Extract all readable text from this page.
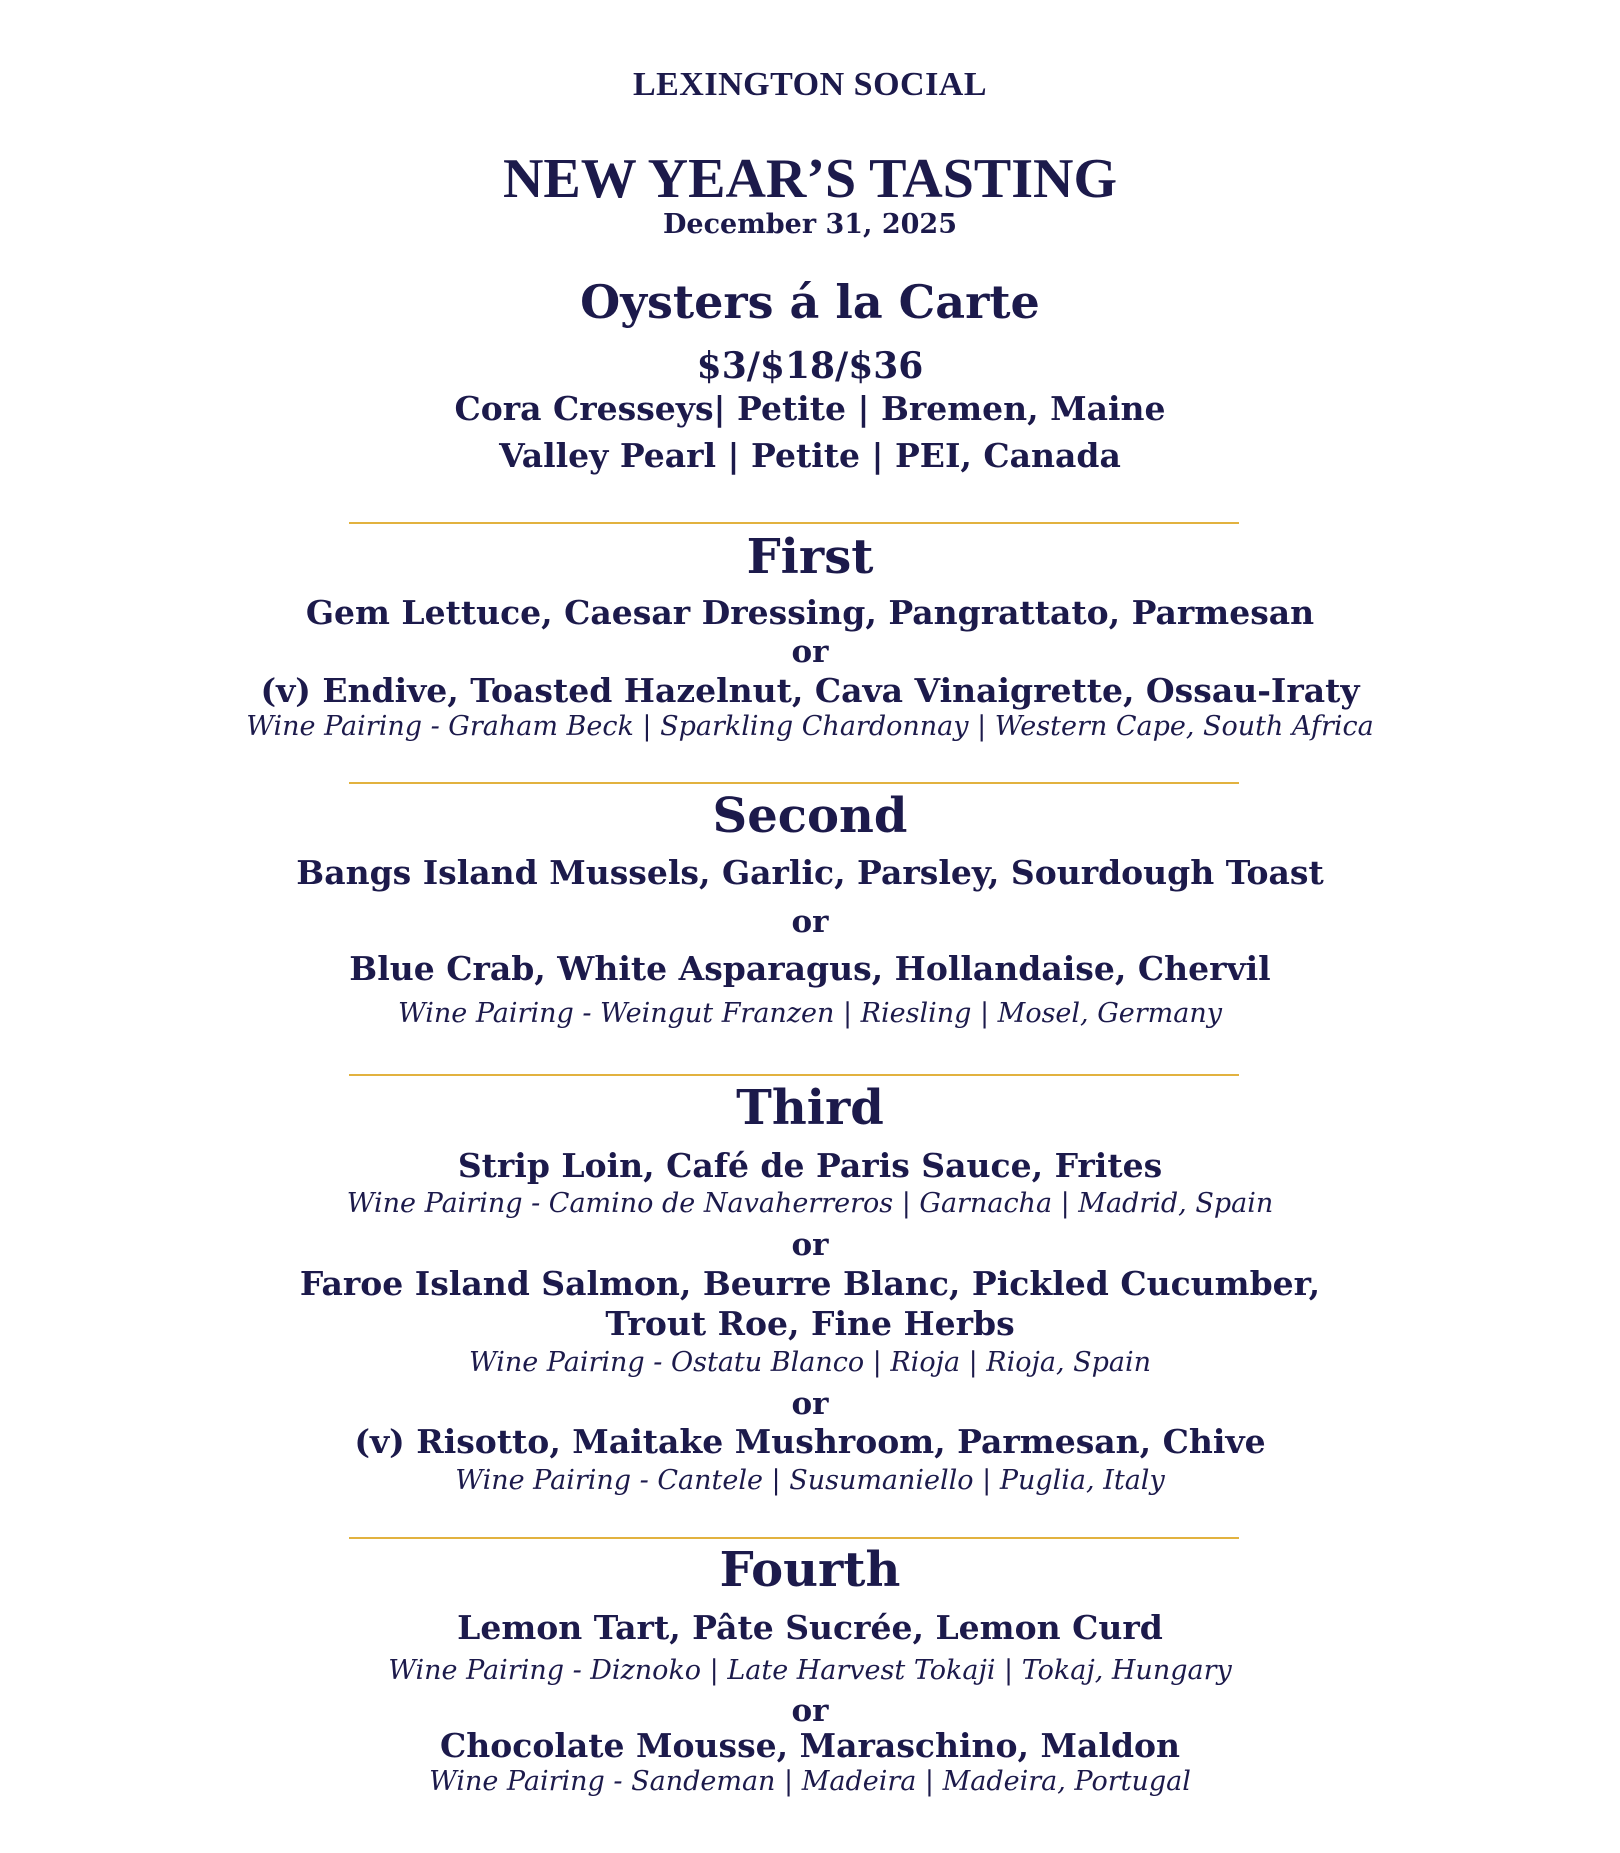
LEXINGTON SOCIAL
NEW YEAR’S TASTING
December 31, 2025
Oysters á la Carte
$3/$18/$36
Cora Cresseys| Petite | Bremen, Maine
Valley Pearl | Petite | PEI, Canada
First
Gem Lettuce, Caesar Dressing, Pangrattato, Parmesan
or
(v) Endive, Toasted Hazelnut, Cava Vinaigrette, Ossau-Iraty
Wine Pairing - Graham Beck | Sparkling Chardonnay | Western Cape, South Africa
Second
Bangs Island Mussels, Garlic, Parsley, Sourdough Toast
or
Blue Crab, White Asparagus, Hollandaise, Chervil
Wine Pairing - Weingut Franzen | Riesling | Mosel, Germany
Third
Strip Loin, Café de Paris Sauce, Frites
Wine Pairing - Camino de Navaherreros | Garnacha | Madrid, Spain
or
Faroe Island Salmon, Beurre Blanc, Pickled Cucumber,
Trout Roe, Fine Herbs
Wine Pairing - Ostatu Blanco | Rioja | Rioja, Spain
or
(v) Risotto, Maitake Mushroom, Parmesan, Chive
Wine Pairing - Cantele | Susumaniello | Puglia, Italy
Fourth
Lemon Tart, Pâte Sucrée, Lemon Curd
Wine Pairing - Diznoko | Late Harvest Tokaji | Tokaj, Hungary
or
Chocolate Mousse, Maraschino, Maldon
Wine Pairing - Sandeman | Madeira | Madeira, Portugal
